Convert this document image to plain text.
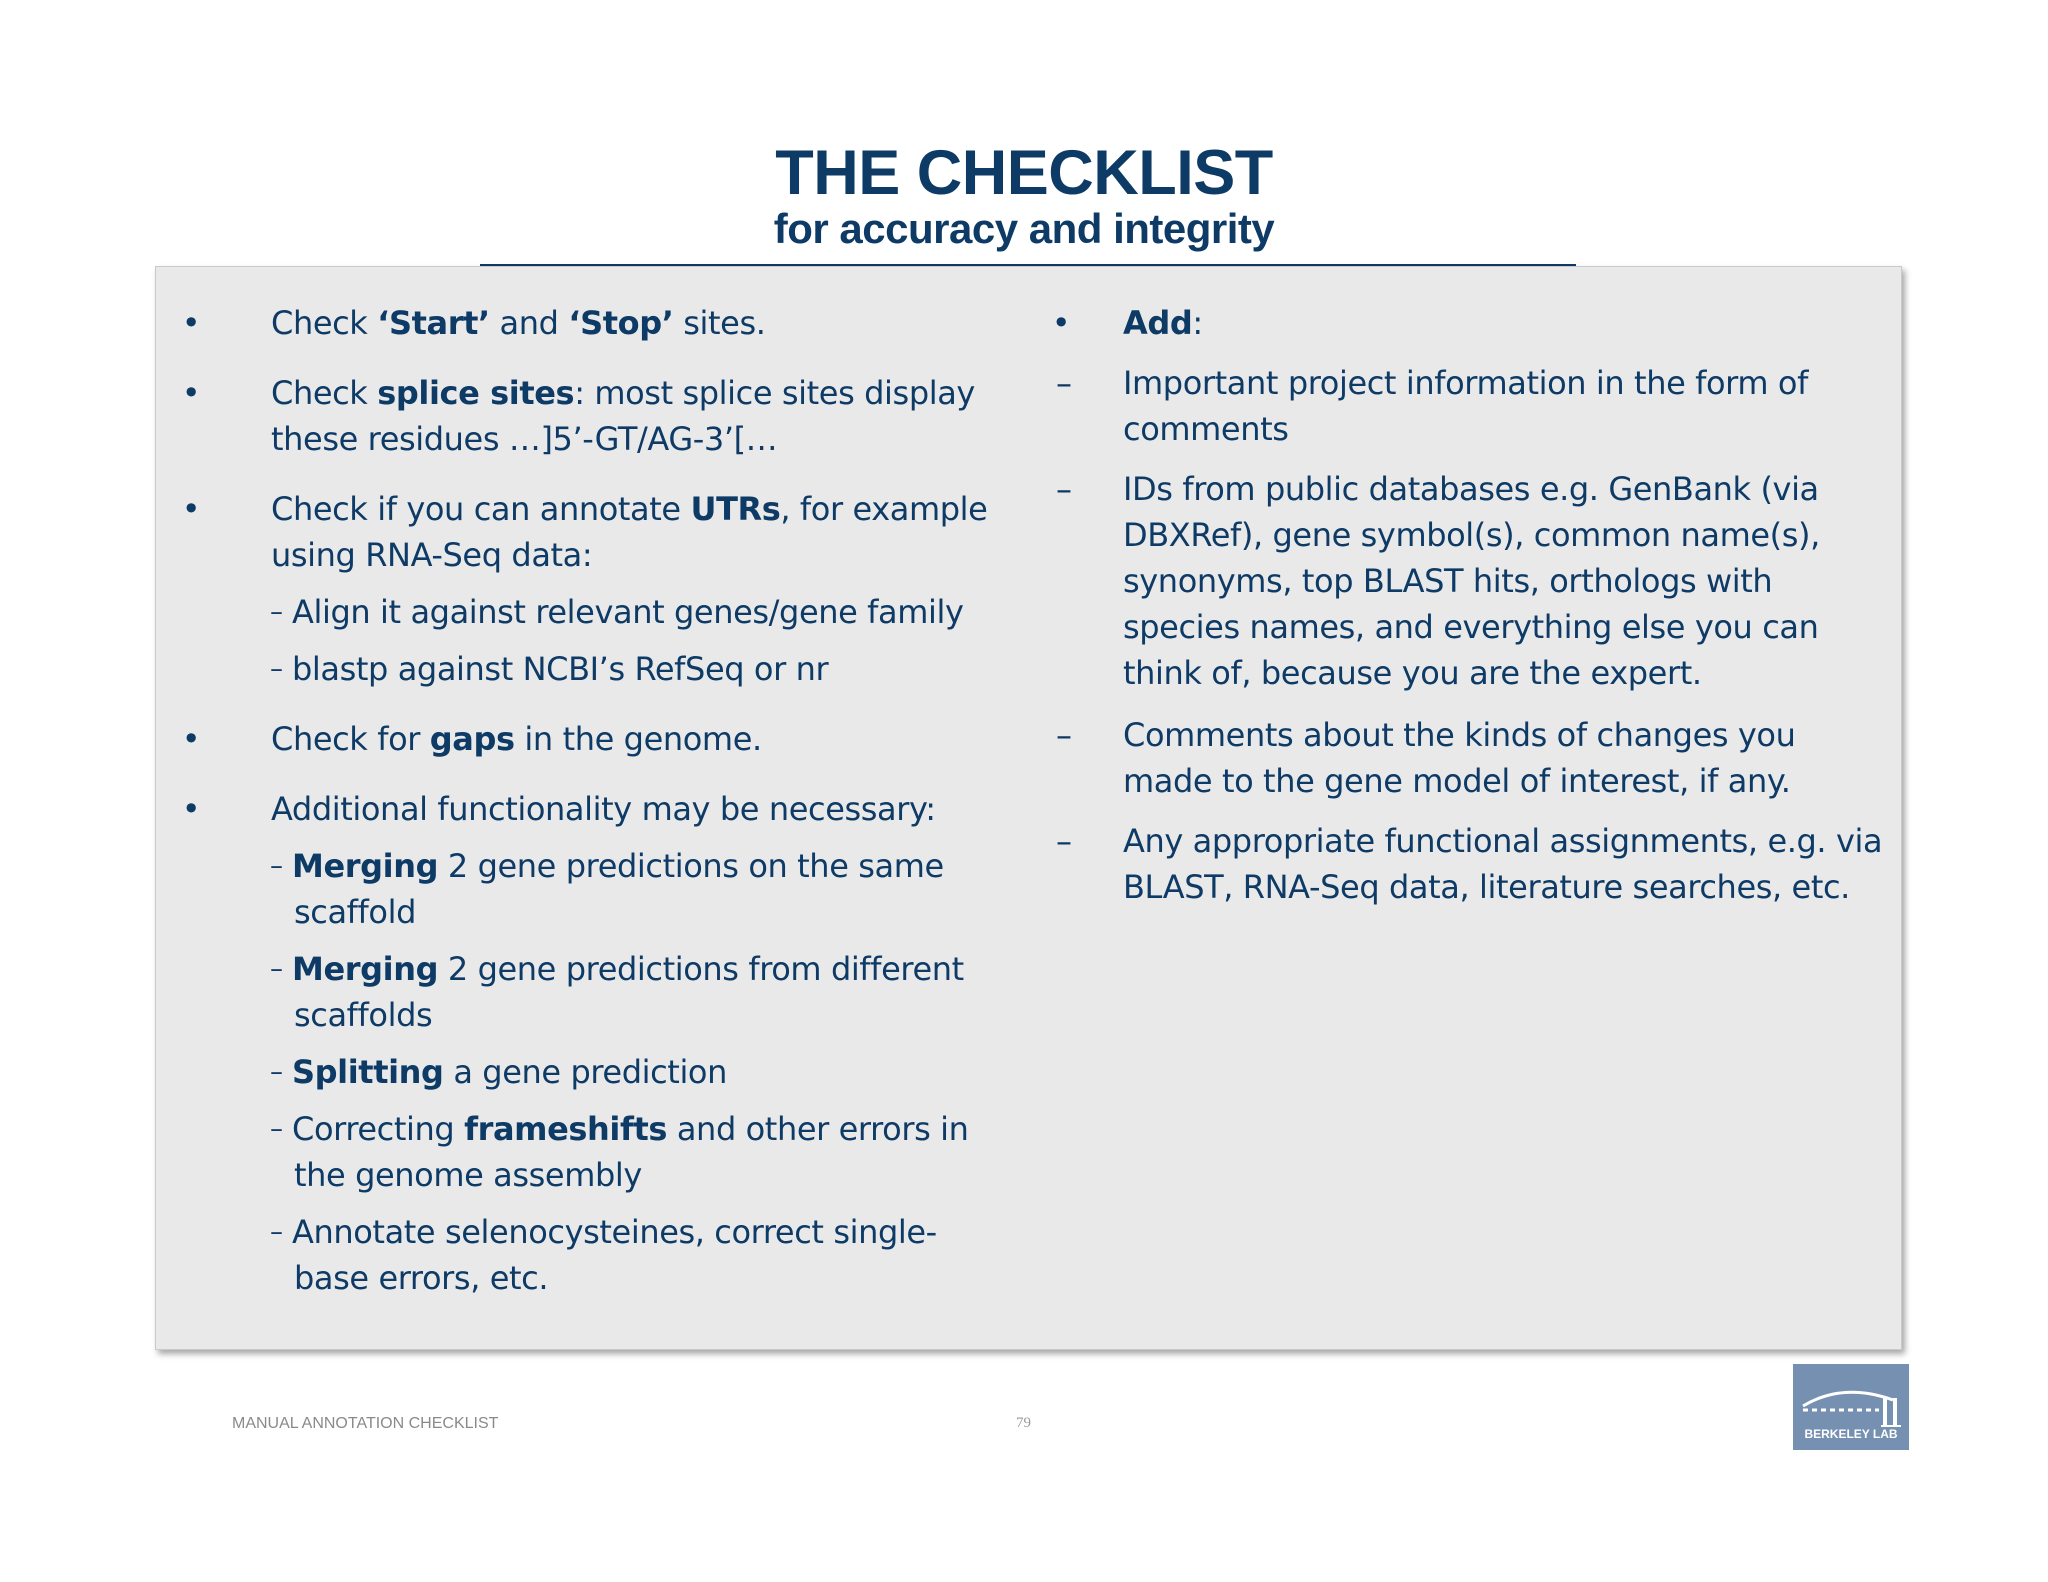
THE CHECKLIST
for accuracy and integrity
• Check ‘Start’ and ‘Stop’ sites.
• Check splice sites: most splice sites display
these residues …]5’-GT/AG-3’[…
• Check if you can annotate UTRs, for example
using RNA-Seq data:
– Align it against relevant genes/gene family
– blastp against NCBI’s RefSeq or nr
• Check for gaps in the genome.
• Additional functionality may be necessary:
– Merging 2 gene predictions on the same
scaffold
– Merging 2 gene predictions from different
scaffolds
– Splitting a gene prediction
– Correcting frameshifts and other errors in
the genome assembly
– Annotate selenocysteines, correct single-
base errors, etc.
• Add:
– Important project information in the form of
comments
– IDs from public databases e.g. GenBank (via
DBXRef), gene symbol(s), common name(s),
synonyms, top BLAST hits, orthologs with
species names, and everything else you can
think of, because you are the expert.
– Comments about the kinds of changes you
made to the gene model of interest, if any.
– Any appropriate functional assignments, e.g. via
BLAST, RNA-Seq data, literature searches, etc.
MANUAL ANNOTATION CHECKLIST	79
BERKELEY LAB
